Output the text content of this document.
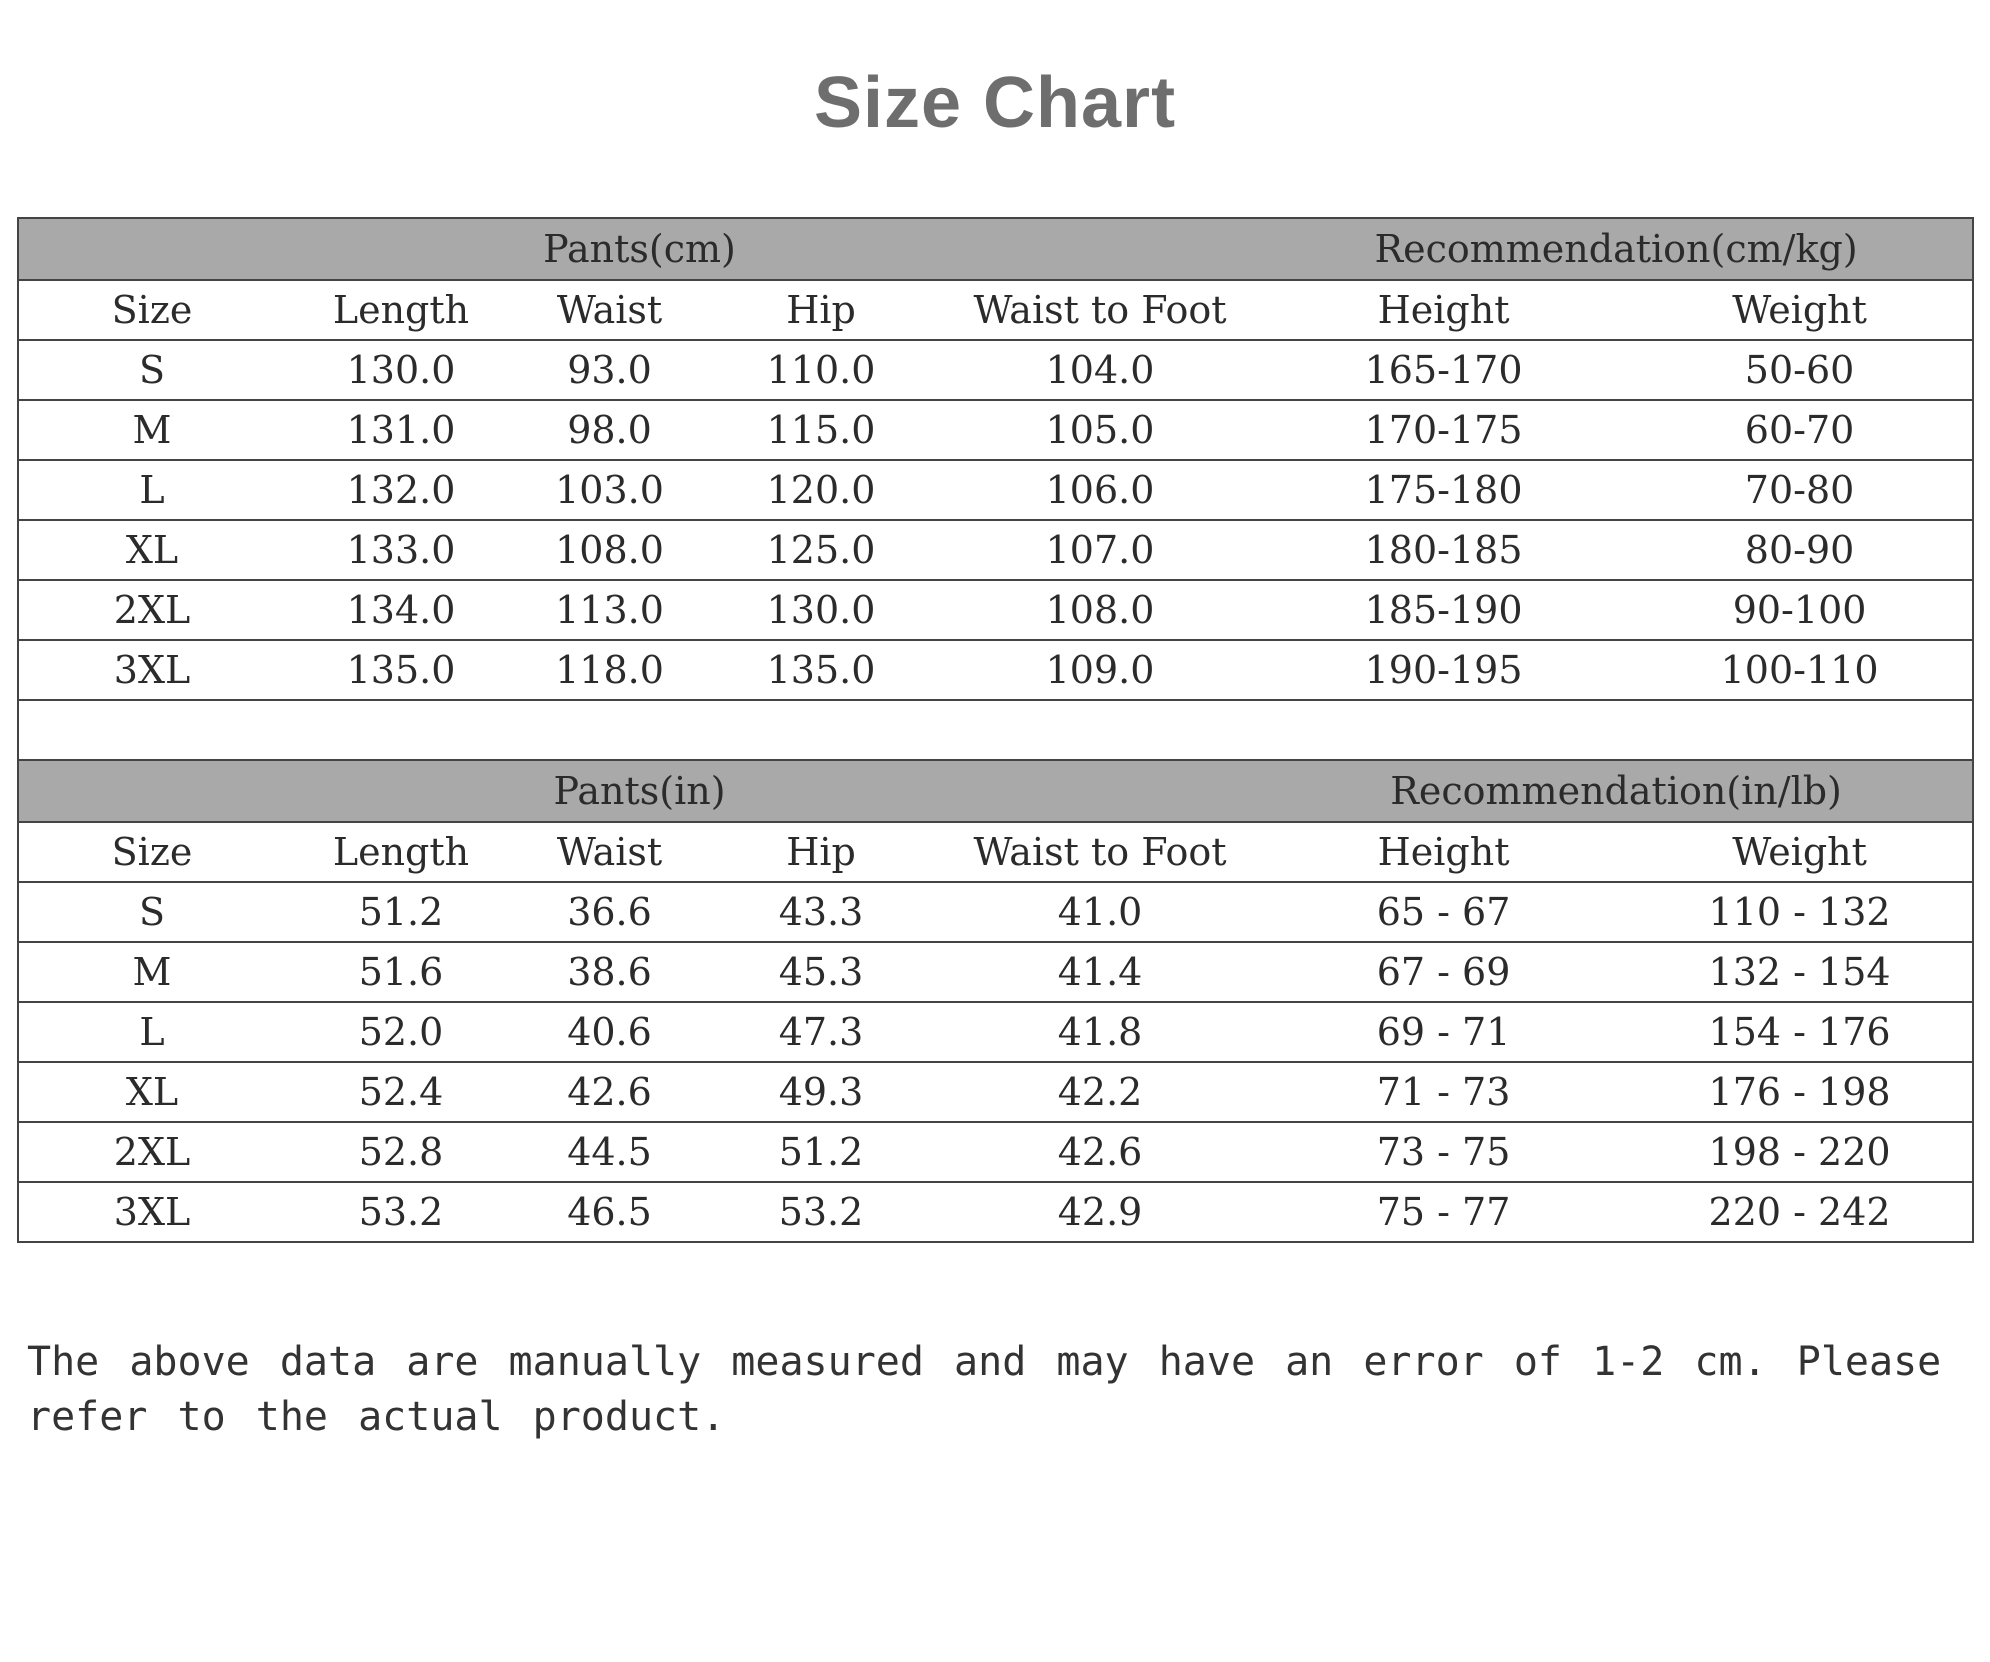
Size Chart
Pants(cm)					Recommendation(cm/kg)	
Size	Length	Waist	Hip	Waist to Foot	Height	Weight
S	130.0	93.0	110.0	104.0	165-170	50-60
M	131.0	98.0	115.0	105.0	170-175	60-70
L	132.0	103.0	120.0	106.0	175-180	70-80
XL	133.0	108.0	125.0	107.0	180-185	80-90
2XL	134.0	113.0	130.0	108.0	185-190	90-100
3XL	135.0	118.0	135.0	109.0	190-195	100-110

Pants(in)					Recommendation(in/lb)	
Size	Length	Waist	Hip	Waist to Foot	Height	Weight
S	51.2	36.6	43.3	41.0	65 - 67	110 - 132
M	51.6	38.6	45.3	41.4	67 - 69	132 - 154
L	52.0	40.6	47.3	41.8	69 - 71	154 - 176
XL	52.4	42.6	49.3	42.2	71 - 73	176 - 198
2XL	52.8	44.5	51.2	42.6	73 - 75	198 - 220
3XL	53.2	46.5	53.2	42.9	75 - 77	220 - 242

The above data are manually measured and may have an error of 1-2 cm. Please refer to the actual product.
